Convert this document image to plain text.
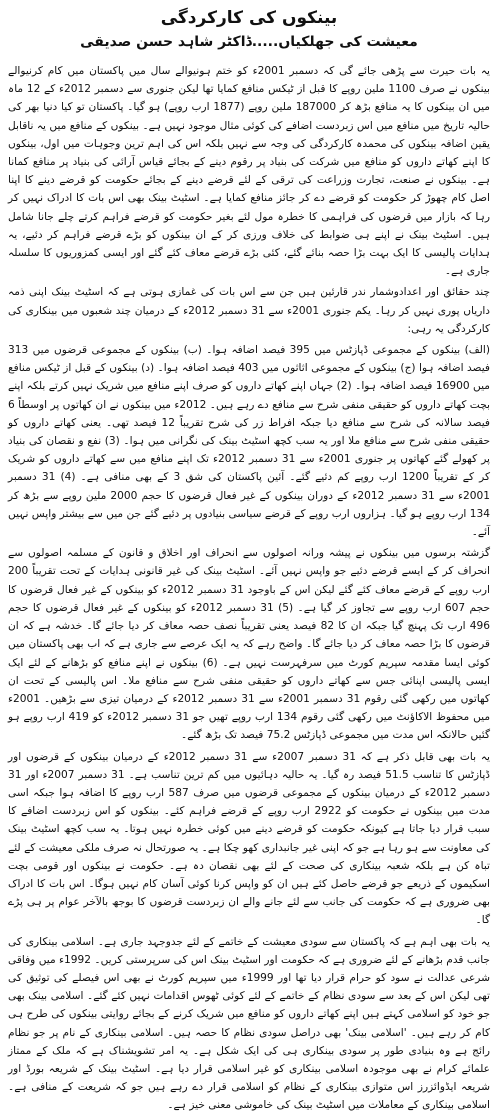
بینکوں کی کارکردگی
معیشت کی جھلکیاں.....ڈاکٹر شاہد حسن صدیقی

یہ بات حیرت سے پڑھی جائے گی کہ دسمبر 2001ء کو ختم ہونیوالے سال میں پاکستان میں کام کرنیوالے بینکوں نے صرف 1100 ملین روپے کا قبل از ٹیکس منافع کمایا تھا لیکن جنوری سے دسمبر 2012ء کے 12 ماہ میں ان بینکوں کا یہ منافع بڑھ کر 187000 ملین روپے (1877 ارب روپے) ہو گیا۔ پاکستان تو کیا دنیا بھر کی حالیہ تاریخ میں منافع میں اس زبردست اضافے کی کوئی مثال موجود نہیں ہے۔ بینکوں کے منافع میں یہ ناقابل یقین اضافہ بینکوں کی محمدہ کارکردگی کی وجہ سے نہیں بلکہ اس کی اہم ترین وجوہات میں اول، بینکوں کا اپنے کھاتے داروں کو منافع میں شرکت کی بنیاد پر رقوم دینے کے بجائے قیاس آرائی کی بنیاد پر منافع کمانا ہے۔ بینکوں نے صنعت، تجارت وزراعت کی ترقی کے لئے قرضے دینے کے بجائے حکومت کو قرضے دینے کا اپنا اصل کام چھوڑ کر حکومت کو قرضے دے کر جائز منافع کمایا ہے۔ اسٹیٹ بینک بھی اس بات کا ادراک نہیں کر رہا کہ بازار میں قرضوں کی فراہمی کا خطرہ مول لئے بغیر حکومت کو قرضے فراہم کرتے چلے جانا شامل ہیں۔ اسٹیٹ بینک نے اپنے ہی ضوابط کی خلاف ورزی کر کے ان بینکوں کو بڑے قرضے فراہم کر دئیے، یہ ہدایات پالیسی کا ایک بہت بڑا حصہ بنائے گئے، کئی بڑے قرضے معاف کئے گئے اور ایسی کمزوریوں کا سلسلہ جاری ہے۔

چند حقائق اور اعدادوشمار ندر قارئین ہیں جن سے اس بات کی غمازی ہوتی ہے کہ اسٹیٹ بینک اپنی ذمہ داریاں پوری نہیں کر رہا۔ یکم جنوری 2001ء سے 31 دسمبر 2012ء کے درمیان چند شعبوں میں بینکاری کی کارکردگی یہ رہی:

(الف) بینکوں کے مجموعی ڈپازٹس میں 395 فیصد اضافہ ہوا۔ (ب) بینکوں کے مجموعی قرضوں میں 313 فیصد اضافہ ہوا (ج) بینکوں کے مجموعی اثاثوں میں 403 فیصد اضافہ ہوا۔ (د) بینکوں کے قبل از ٹیکس منافع میں 16900 فیصد اضافہ ہوا۔ (2) جہاں اپنے کھاتے داروں کو صرف اپنے منافع میں شریک نہیں کرتے بلکہ اپنے بچت کھاتے داروں کو حقیقی منفی شرح سے منافع دے رہے ہیں۔ 2012ء میں بینکوں نے ان کھاتوں پر اوسطاً 6 فیصد سالانہ کی شرح سے منافع دیا جبکہ افراط زر کی شرح تقریباً 12 فیصد تھی۔ یعنی کھاتے داروں کو حقیقی منفی شرح سے منافع ملا اور یہ سب کچھ اسٹیٹ بینک کی نگرانی میں ہوا۔ (3) نفع و نقصان کی بنیاد پر کھولے گئے کھاتوں پر جنوری 2001ء سے 31 دسمبر 2012ء تک اپنے منافع میں سے کھاتے داروں کو شریک کر کے تقریباً 1200 ارب روپے کم دئیے گئے۔ آئین پاکستان کی شق 3 کے بھی منافی ہے۔ (4) 31 دسمبر 2001ء سے 31 دسمبر 2012ء کے دوران بینکوں کے غیر فعال قرضوں کا حجم 2000 ملین روپے سے بڑھ کر 134 ارب روپے ہو گیا۔ ہزاروں ارب روپے کے قرضے سیاسی بنیادوں پر دئیے گئے جن میں سے بیشتر واپس نہیں آئے۔

گزشتہ برسوں میں بینکوں نے پیشہ ورانہ اصولوں سے انحراف اور اخلاق و قانون کے مسلمہ اصولوں سے انحراف کر کے ایسے قرضے دئیے جو واپس نہیں آئے۔ اسٹیٹ بینک کی غیر قانونی ہدایات کے تحت تقریباً 200 ارب روپے کے قرضے معاف کئے گئے لیکن اس کے باوجود 31 دسمبر 2012ء کو بینکوں کے غیر فعال قرضوں کا حجم 607 ارب روپے سے تجاوز کر گیا ہے۔ (5) 31 دسمبر 2012ء کو بینکوں کے غیر فعال قرضوں کا حجم 496 ارب تک پہنچ گیا جبکہ ان کا 82 فیصد یعنی تقریباً نصف حصہ معاف کر دیا جائے گا۔ خدشہ ہے کہ ان قرضوں کا بڑا حصہ معاف کر دیا جائے گا۔ واضح رہے کہ یہ ایک عرصے سے جاری ہے کہ اب بھی پاکستان میں کوئی ایسا مقدمہ سپریم کورٹ میں سرفہرست نہیں ہے۔ (6) بینکوں نے اپنے منافع کو بڑھانے کے لئے ایک ایسی پالیسی اپنائی جس سے کھاتے داروں کو حقیقی منفی شرح سے منافع ملا۔ اس پالیسی کے تحت ان کھاتوں میں رکھی گئی رقوم 31 دسمبر 2001ء سے 31 دسمبر 2012ء کے درمیان تیزی سے بڑھیں۔ 2001ء میں محفوظ الاکاؤنٹ میں رکھی گئی رقوم 134 ارب روپے تھیں جو 31 دسمبر 2012ء کو 419 ارب روپے ہو گئیں حالانکہ اس مدت میں مجموعی ڈپازٹس 75.2 فیصد تک بڑھ گئے۔

یہ بات بھی قابل ذکر ہے کہ 31 دسمبر 2007ء سے 31 دسمبر 2012ء کے درمیان بینکوں کے قرضوں اور ڈپازٹس کا تناسب 51.5 فیصد رہ گیا۔ یہ حالیہ دہائیوں میں کم ترین تناسب ہے۔ 31 دسمبر 2007ء اور 31 دسمبر 2012ء کے درمیان بینکوں کے مجموعی قرضوں میں صرف 587 ارب روپے کا اضافہ ہوا جبکہ اسی مدت میں بینکوں نے حکومت کو 2922 ارب روپے کے قرضے فراہم کئے۔ بینکوں کو اس زبردست اضافے کا سبب قرار دیا جاتا ہے کیونکہ حکومت کو قرضے دینے میں کوئی خطرہ نہیں ہوتا۔ یہ سب کچھ اسٹیٹ بینک کی معاونت سے ہو رہا ہے جو کہ اپنی غیر جانبداری کھو چکا ہے۔ یہ صورتحال نہ صرف ملکی معیشت کے لئے تباہ کن ہے بلکہ شعبہ بینکاری کی صحت کے لئے بھی نقصان دہ ہے۔ حکومت نے بینکوں اور قومی بچت اسکیموں کے ذریعے جو قرضے حاصل کئے ہیں ان کو واپس کرنا کوئی آسان کام نہیں ہوگا۔ اس بات کا ادراک بھی ضروری ہے کہ حکومت کی جانب سے لئے جانے والے ان زبردست قرضوں کا بوجھ بالآخر عوام پر ہی پڑے گا۔

یہ بات بھی اہم ہے کہ پاکستان سے سودی معیشت کے خاتمے کے لئے جدوجہد جاری ہے۔ اسلامی بینکاری کی جانب قدم بڑھانے کے لئے ضروری ہے کہ حکومت اور اسٹیٹ بینک اس کی سرپرستی کریں۔ 1992ء میں وفاقی شرعی عدالت نے سود کو حرام قرار دیا تھا اور 1999ء میں سپریم کورٹ نے بھی اس فیصلے کی توثیق کی تھی لیکن اس کے بعد سے سودی نظام کے خاتمے کے لئے کوئی ٹھوس اقدامات نہیں کئے گئے۔ اسلامی بینک بھی جو خود کو اسلامی کہتے ہیں اپنے کھاتے داروں کو منافع میں شریک کرنے کے بجائے روایتی بینکوں کی طرح ہی کام کر رہے ہیں۔ 'اسلامی بینک' بھی دراصل سودی نظام کا حصہ ہیں۔ اسلامی بینکاری کے نام پر جو نظام رائج ہے وہ بنیادی طور پر سودی بینکاری ہی کی ایک شکل ہے۔ یہ امر تشویشناک ہے کہ ملک کے ممتاز علمائے کرام نے بھی موجودہ اسلامی بینکاری کو غیر اسلامی قرار دیا ہے۔ اسٹیٹ بینک کے شریعہ بورڈ اور شریعہ ایڈوائزرز اس متوازی بینکاری کے نظام کو اسلامی قرار دے رہے ہیں جو کہ شریعت کے منافی ہے۔ اسلامی بینکاری کے معاملات میں اسٹیٹ بینک کی خاموشی معنی خیز ہے۔
